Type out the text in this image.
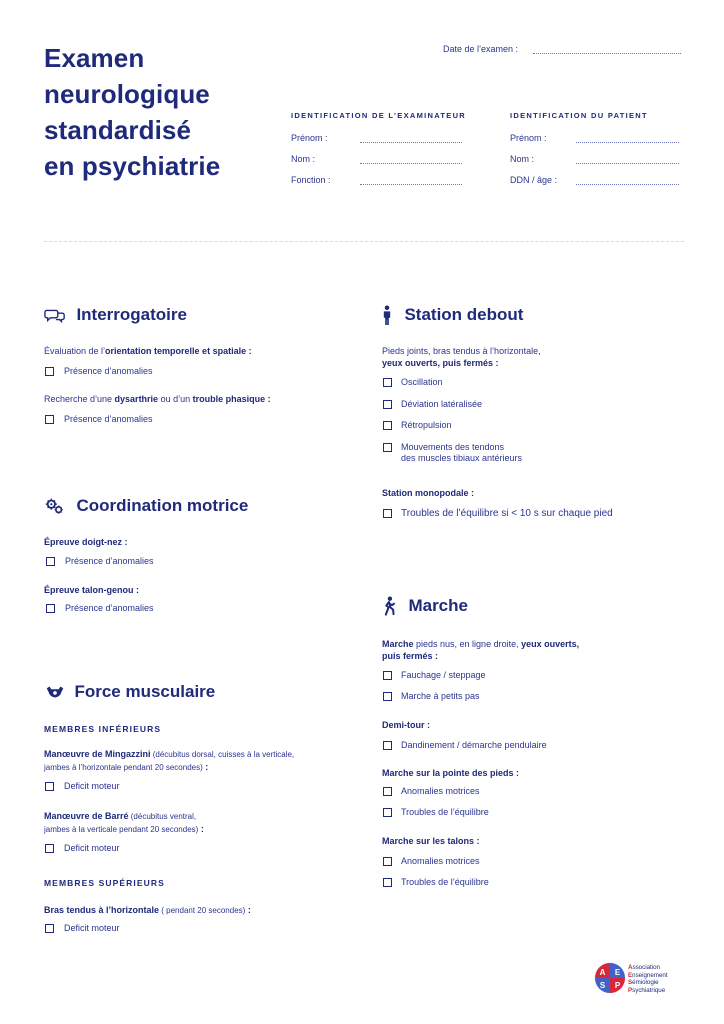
Examen
neurologique
standardisé
en psychiatrie
Date de l’examen :
IDENTIFICATION DE L’EXAMINATEUR
Prénom :
Nom :
Fonction :
IDENTIFICATION DU PATIENT
Prénom :
Nom :
DDN / âge :
Interrogatoire
Évaluation de l’orientation temporelle et spatiale :
Présence d’anomalies
Recherche d’une dysarthrie ou d’un trouble phasique :
Présence d’anomalies
Coordination motrice
Épreuve doigt-nez :
Présence d’anomalies
Épreuve talon-genou :
Présence d’anomalies
Force musculaire
MEMBRES INFÉRIEURS
Manœuvre de Mingazzini (décubitus dorsal, cuisses à la verticale,
jambes à l’horizontale pendant 20 secondes) :
Deficit moteur
Manœuvre de Barré (décubitus ventral,
jambes à la verticale pendant 20 secondes) :
Deficit moteur
MEMBRES SUPÉRIEURS
Bras tendus à l’horizontale ( pendant 20 secondes) :
Deficit moteur
Station debout
Pieds joints, bras tendus à l’horizontale,
yeux ouverts, puis fermés :
Oscillation
Déviation latéralisée
Rétropulsion
Mouvements des tendons
des muscles tibiaux antérieurs
Station monopodale :
Troubles de l’équilibre si < 10 s sur chaque pied
Marche
Marche pieds nus, en ligne droite, yeux ouverts,
puis fermés :
Fauchage / steppage
Marche à petits pas
Demi-tour :
Dandinement / démarche pendulaire
Marche sur la pointe des pieds :
Anomalies motrices
Troubles de l’équilibre
Marche sur les talons :
Anomalies motrices
Troubles de l’équilibre
A E
S P
Association
Enseignement
Sémiologie
Psychiatrique
